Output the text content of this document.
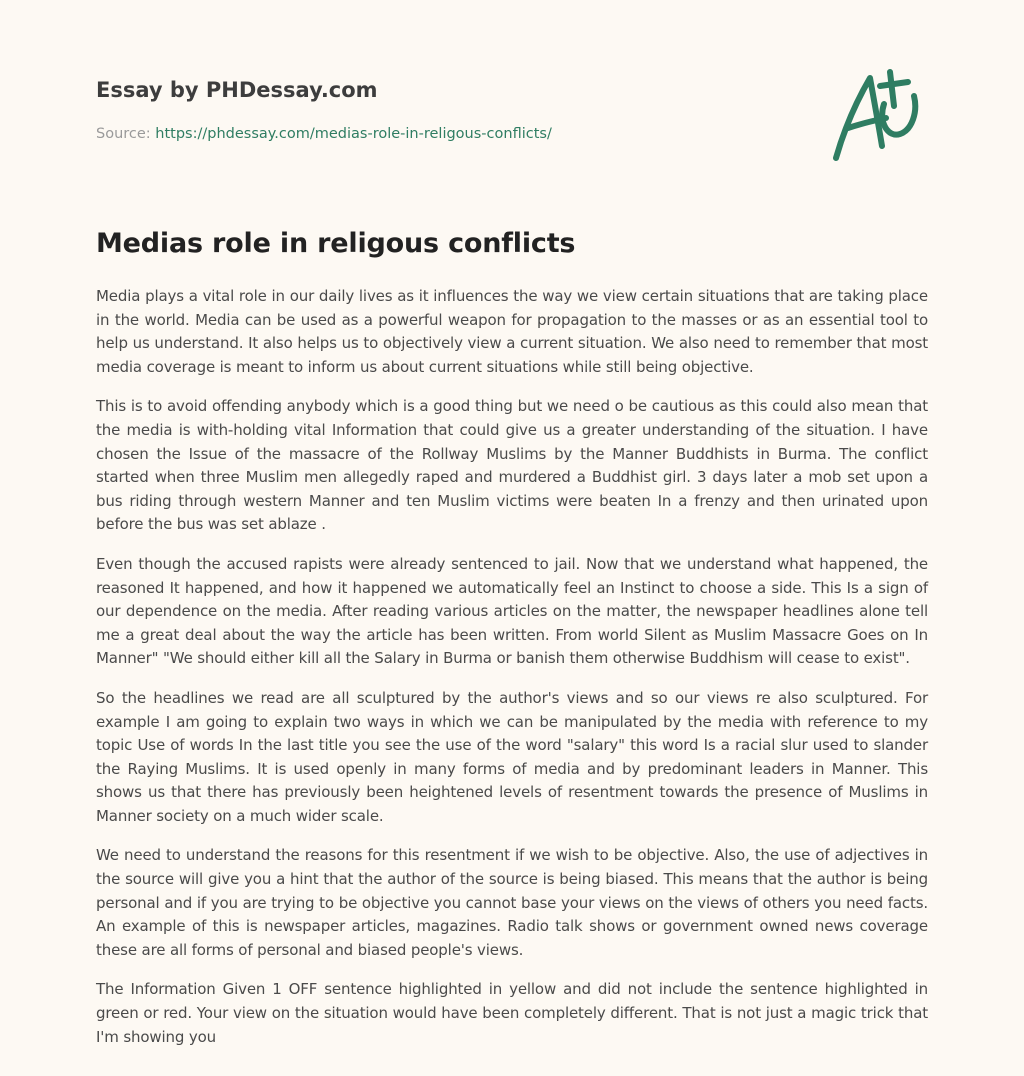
Essay by PHDessay.com
Source: https://phdessay.com/medias-role-in-religous-conflicts/
Medias role in religous conflicts

Media plays a vital role in our daily lives as it influences the way we view certain situations that are taking place in the world. Media can be used as a powerful weapon for propagation to the masses or as an essential tool to help us understand. It also helps us to objectively view a current situation. We also need to remember that most media coverage is meant to inform us about current situations while still being objective.

This is to avoid offending anybody which is a good thing but we need o be cautious as this could also mean that the media is with-holding vital Information that could give us a greater understanding of the situation. I have chosen the Issue of the massacre of the Rollway Muslims by the Manner Buddhists in Burma. The conflict started when three Muslim men allegedly raped and murdered a Buddhist girl. 3 days later a mob set upon a bus riding through western Manner and ten Muslim victims were beaten In a frenzy and then urinated upon before the bus was set ablaze .

Even though the accused rapists were already sentenced to jail. Now that we understand what happened, the reasoned It happened, and how it happened we automatically feel an Instinct to choose a side. This Is a sign of our dependence on the media. After reading various articles on the matter, the newspaper headlines alone tell me a great deal about the way the article has been written. From world Silent as Muslim Massacre Goes on In Manner" "We should either kill all the Salary in Burma or banish them otherwise Buddhism will cease to exist".

So the headlines we read are all sculptured by the author's views and so our views re also sculptured. For example I am going to explain two ways in which we can be manipulated by the media with reference to my topic Use of words In the last title you see the use of the word "salary" this word Is a racial slur used to slander the Raying Muslims. It is used openly in many forms of media and by predominant leaders in Manner. This shows us that there has previously been heightened levels of resentment towards the presence of Muslims in Manner society on a much wider scale.

We need to understand the reasons for this resentment if we wish to be objective. Also, the use of adjectives in the source will give you a hint that the author of the source is being biased. This means that the author is being personal and if you are trying to be objective you cannot base your views on the views of others you need facts. An example of this is newspaper articles, magazines. Radio talk shows or government owned news coverage these are all forms of personal and biased people's views.

The Information Given 1 OFF sentence highlighted in yellow and did not include the sentence highlighted in green or red. Your view on the situation would have been completely different. That is not just a magic trick that I'm showing you
